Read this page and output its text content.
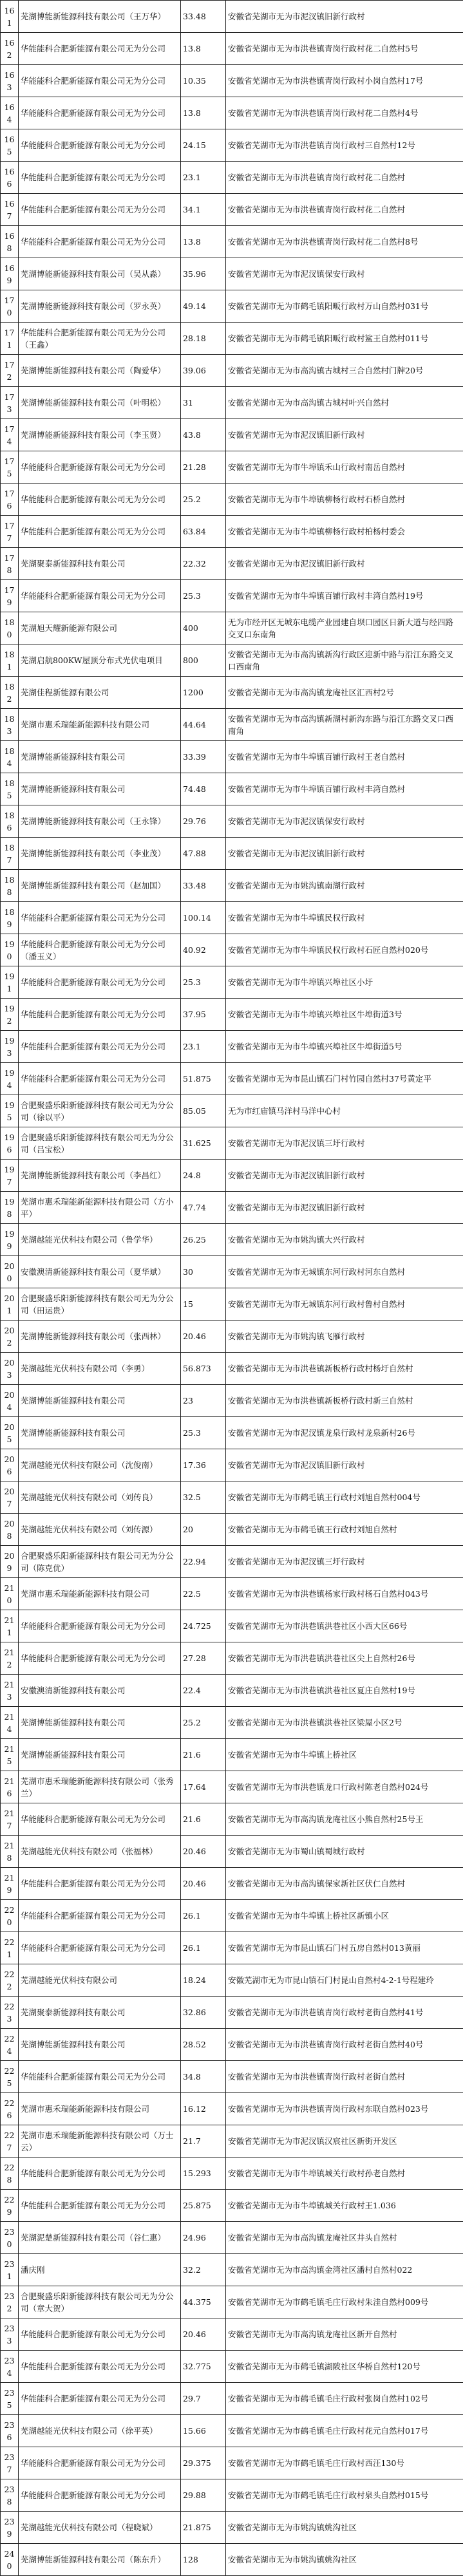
161	芜湖博能新能源科技有限公司（王万华）	33.48	安徽省芜湖市无为市泥汊镇旧新行政村
162	华能能科合肥新能源有限公司无为分公司	13.8	安徽省芜湖市无为市洪巷镇青岗行政村花二自然村5号
163	华能能科合肥新能源有限公司无为分公司	10.35	安徽省芜湖市无为市洪巷镇青岗行政村小岗自然村17号
164	华能能科合肥新能源有限公司无为分公司	13.8	安徽省芜湖市无为市洪巷镇青岗行政村花二自然村4号
165	华能能科合肥新能源有限公司无为分公司	24.15	安徽省芜湖市无为市洪巷镇青岗行政村三自然村12号
166	华能能科合肥新能源有限公司无为分公司	23.1	安徽省芜湖市无为市洪巷镇青岗行政村花二自然村
167	华能能科合肥新能源有限公司无为分公司	34.1	安徽省芜湖市无为市洪巷镇青岗行政村花二自然村
168	华能能科合肥新能源有限公司无为分公司	13.8	安徽省芜湖市无为市洪巷镇青岗行政村花二自然村8号
169	芜湖博能新能源科技有限公司（吴从淼）	35.96	安徽省芜湖市无为市泥汊镇保安行政村
170	芜湖博能新能源科技有限公司（罗永英）	49.14	安徽省芜湖市无为市鹤毛镇阳畈行政村万山自然村031号
171	华能能科合肥新能源有限公司无为分公司（王鑫）	28.18	安徽省芜湖市无为市鹤毛镇阳畈行政村鲨王自然村011号
172	芜湖博能新能源科技有限公司（陶爱华）	39.06	安徽省芜湖市无为市高沟镇古城村三合自然村门牌20号
173	芜湖博能新能源科技有限公司（叶明松）	31	安徽省芜湖市无为市高沟镇古城村叶兴自然村
174	芜湖博能新能源科技有限公司（李玉贤）	43.8	安徽省芜湖市无为市泥汊镇旧新行政村
175	华能能科合肥新能源有限公司无为分公司	21.28	安徽省芜湖市无为市牛埠镇禾山行政村南岳自然村
176	华能能科合肥新能源有限公司无为分公司	25.2	安徽省芜湖市无为市牛埠镇柳杨行政村石桥自然村
177	华能能科合肥新能源有限公司无为分公司	63.84	安徽省芜湖市无为市牛埠镇柳杨行政村柏杨村委会
178	芜湖聚泰新能源科技有限公司	22.32	安徽省芜湖市无为市泥汊镇旧新行政村
179	华能能科合肥新能源有限公司无为分公司	25.3	安徽省芜湖市无为市牛埠镇百铺行政村丰湾自然村19号
180	芜湖旭天耀新能源有限公司	400	无为市经开区无城东电缆产业园建自坝口园区日新大道与经四路交叉口东南角
181	芜湖启航800KW屋顶分布式光伏电项目	800	安徽省芜湖市无为市高沟镇新沟行政区迎新中路与沿江东路交叉口西南角
182	芜湖佳程新能源有限公司	1200	安徽省芜湖市无为市高沟镇龙庵社区汇西村2号
183	芜湖市惠禾瑞能新能源科技有限公司	44.64	安徽省芜湖市无为市高沟镇新湖村新沟东路与沿江东路交叉口西南角
184	芜湖博能新能源科技有限公司	33.39	安徽省芜湖市无为市牛埠镇百铺行政村王老自然村
185	芜湖博能新能源科技有限公司	74.48	安徽省芜湖市无为市牛埠镇百铺行政村丰湾自然村
186	芜湖博能新能源科技有限公司（王永锋）	29.76	安徽省芜湖市无为市泥汊镇保安行政村
187	芜湖博能新能源科技有限公司（李业茂）	47.88	安徽省芜湖市无为市泥汊镇旧新行政村
188	芜湖博能新能源科技有限公司（赵加国）	33.48	安徽省芜湖市无为市姚沟镇南湖行政村
189	华能能科合肥新能源有限公司无为分公司	100.14	安徽省芜湖市无为市牛埠镇民权行政村
190	华能能科合肥新能源有限公司无为分公司（潘玉义）	40.92	安徽省芜湖市无为市牛埠镇民权行政村石匠自然村020号
191	华能能科合肥新能源有限公司无为分公司	25.3	安徽省芜湖市无为市牛埠镇兴埠社区小圩
192	华能能科合肥新能源有限公司无为分公司	37.95	安徽省芜湖市无为市牛埠镇兴埠社区牛埠街道3号
193	华能能科合肥新能源有限公司无为分公司	23.1	安徽省芜湖市无为市牛埠镇兴埠社区牛埠街道5号
194	华能能科合肥新能源有限公司无为分公司	51.875	安徽省芜湖市无为市昆山镇石门村竹园自然村37号黄定平
195	合肥聚盛乐阳新能源科技有限公司无为分公司（徐以平）	85.05	无为市红庙镇马洋村马洋中心村
196	合肥聚盛乐阳新能源科技有限公司无为分公司（吕宝松）	31.625	安徽省芜湖市无为市泥汊镇三圩行政村
197	芜湖博能新能源科技有限公司（李昌红）	24.8	安徽省芜湖市无为市泥汊镇旧新行政村
198	芜湖市惠禾瑞能新能源科技有限公司（方小平）	47.74	安徽省芜湖市无为市泥汊镇旧新行政村
199	芜湖越能光伏科技有限公司（鲁学华）	26.25	安徽省芜湖市无为市姚沟镇大兴行政村
200	安徽澳清新能源科技有限公司（夏华斌）	30	安徽省芜湖市无为市无城镇东河行政村河东自然村
201	合肥聚盛乐阳新能源科技有限公司无为分公司（田运贵）	15	安徽省芜湖市无为市无城镇东河行政村鲁村自然村
202	芜湖博能新能源科技有限公司（张西林）	20.46	安徽省芜湖市无为市姚沟镇飞雁行政村
203	芜湖越能光伏科技有限公司（李勇）	56.873	安徽省芜湖市无为市洪巷镇新板桥行政村杨圩自然村
204	芜湖博能新能源科技有限公司	23	安徽省芜湖市无为市洪巷镇新板桥行政村新三自然村
205	芜湖博能新能源科技有限公司	25.3	安徽省芜湖市无为市泥汊镇龙泉行政村龙泉新村26号
206	芜湖越能光伏科技有限公司（沈俊南）	17.36	安徽省芜湖市无为市泥汊镇旧新行政村
207	芜湖越能光伏科技有限公司（刘传良）	32.5	安徽省芜湖市无为市鹤毛镇王行政村刘旭自然村004号
208	芜湖越能光伏科技有限公司（刘传源）	20	安徽省芜湖市无为市鹤毛镇王行政村刘旭自然村
209	合肥聚盛乐阳新能源科技有限公司无为分公司（陈克优）	22.94	安徽省芜湖市无为市泥汊镇三圩行政村
210	芜湖市惠禾瑞能新能源科技有限公司	22.5	安徽省芜湖市无为市洪巷镇杨家行政村杨石自然村043号
211	华能能科合肥新能源有限公司无为分公司	24.725	安徽省芜湖市无为市洪巷镇洪巷社区小西大区66号
212	华能能科合肥新能源有限公司无为分公司	27.28	安徽省芜湖市无为市洪巷镇洪巷社区尖上自然村26号
213	安徽澳清新能源科技有限公司	22.4	安徽省芜湖市无为市洪巷镇洪巷社区夏庄自然村19号
214	芜湖博能新能源科技有限公司	25.2	安徽省芜湖市无为市洪巷镇洪巷社区梁屋小区2号
215	芜湖博能新能源科技有限公司	21.6	安徽省芜湖市无为市牛埠镇上桥社区
216	芜湖市惠禾瑞能新能源科技有限公司（张秀兰）	17.64	安徽省芜湖市无为市洪巷镇龙口行政村陈老自然村024号
217	华能能科合肥新能源有限公司无为分公司	21.6	安徽省芜湖市无为市高沟镇龙庵社区小熊自然村25号王
218	芜湖越能光伏科技有限公司（张福林）	20.46	安徽省芜湖市无为市蜀山镇蜀城行政村
219	华能能科合肥新能源有限公司无为分公司	20.46	安徽省芜湖市无为市高沟镇保家新社区伏仁自然村
220	华能能科合肥新能源有限公司无为分公司	26.1	安徽省芜湖市无为市牛埠镇上桥社区新镇小区
221	华能能科合肥新能源有限公司无为分公司	26.1	安徽省芜湖市无为市昆山镇石门村五房自然村013黄丽
222	芜湖越能光伏科技有限公司	18.24	安徽芜湖市无为市昆山镇石门村昆山自然村4-2-1号程建玲
223	芜湖聚泰新能源科技有限公司	32.86	安徽省芜湖市无为市洪巷镇青岗行政村老街自然村41号
224	芜湖博能新能源科技有限公司	28.52	安徽省芜湖市无为市洪巷镇青岗行政村老街自然村40号
225	华能能科合肥新能源有限公司无为分公司	34.8	安徽省芜湖市无为市洪巷镇青岗行政村老街自然村
226	芜湖市惠禾瑞能新能源科技有限公司	16.12	安徽省芜湖市无为市洪巷镇青岗行政村东联自然村023号
227	芜湖市惠禾瑞能新能源科技有限公司（万士云）	21.7	安徽省芜湖市无为市泥汊镇汉宸社区新街开发区
228	华能能科合肥新能源有限公司无为分公司	15.293	安徽省芜湖市无为市牛埠镇城关行政村孙老自然村
229	华能能科合肥新能源有限公司无为分公司	25.875	安徽省芜湖市无为市牛埠镇城关行政村王1.036
230	芜湖泥楚新能源科技有限公司（谷仁惠）	24.96	安徽省芜湖市无为市高沟镇龙庵社区井头自然村
231	潘庆刚	32.2	安徽省芜湖市无为市高沟镇金湾社区潘村自然村022
232	合肥聚盛乐阳新能源科技有限公司无为分公司（章大贺）	44.375	安徽省芜湖市无为市鹤毛镇毛庄行政村朱洼自然村009号
233	华能能科合肥新能源有限公司无为分公司	20.46	安徽省芜湖市无为市高沟镇龙庵社区新开自然村
234	华能能科合肥新能源有限公司无为分公司	32.775	安徽省芜湖市无为市鹤毛镇湖陂社区华桥自然村120号
235	华能能科合肥新能源有限公司无为分公司	29.7	安徽省芜湖市无为市鹤毛镇毛庄行政村张岗自然村102号
236	芜湖越能光伏科技有限公司（徐平英）	15.66	安徽省芜湖市无为市鹤毛镇毛庄行政村花元自然村017号
237	华能能科合肥新能源有限公司无为分公司	29.375	安徽省芜湖市无为市鹤毛镇毛庄行政村西汪130号
238	华能能科合肥新能源有限公司无为分公司	29.88	安徽省芜湖市无为市鹤毛镇毛庄行政村泉头自然村015号
239	芜湖越能光伏科技有限公司（程晓斌）	21.875	安徽省芜湖市无为市姚沟镇姚沟社区
240	芜湖博能新能源科技有限公司（陈东升）	128	安徽省芜湖市无为市姚沟镇姚沟社区
